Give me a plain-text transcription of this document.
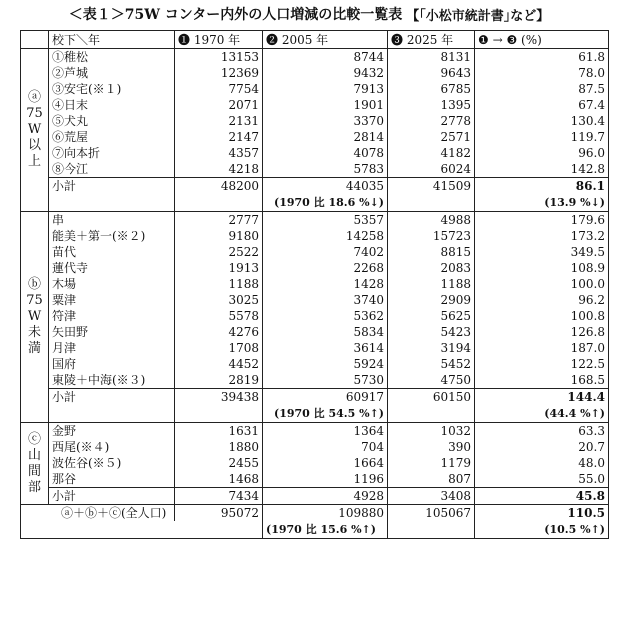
＜表１＞75W コンター内外の人口増減の比較一覧表 【｢小松市統計書｣など】
	校下＼年	❶ 1970 年	❷ 2005 年	❸ 2025 年	❶ → ❸ (%)

ⓐ
75
W
以
上	①稚松	13153	8744	8131	61.8
	②芦城	12369	9432	9643	78.0
	③安宅(※１)	7754	7913	6785	87.5
	④日末	2071	1901	1395	67.4
	⑤犬丸	2131	3370	2778	130.4
	⑥荒屋	2147	2814	2571	119.7
	⑦向本折	4357	4078	4182	96.0
	⑧今江	4218	5783	6024	142.8
	小計	48200	44035	41509	86.1
			(1970 比 18.6 %↓)		(13.9 %↓)

ⓑ
75
W
未
満	串	2777	5357	4988	179.6
	能美＋第一(※２)	9180	14258	15723	173.2
	苗代	2522	7402	8815	349.5
	蓮代寺	1913	2268	2083	108.9
	木場	1188	1428	1188	100.0
	粟津	3025	3740	2909	96.2
	符津	5578	5362	5625	100.8
	矢田野	4276	5834	5423	126.8
	月津	1708	3614	3194	187.0
	国府	4452	5924	5452	122.5
	東陵＋中海(※３)	2819	5730	4750	168.5
	小計	39438	60917	60150	144.4
			(1970 比 54.5 %↑)		(44.4 %↑)

ⓒ
山
間
部	金野	1631	1364	1032	63.3
	西尾(※４)	1880	704	390	20.7
	波佐谷(※５)	2455	1664	1179	48.0
	那谷	1468	1196	807	55.0
	小計	7434	4928	3408	45.8
ⓐ＋ⓑ＋ⓒ(全人口)		95072	109880	105067	110.5
			(1970 比 15.6 %↑)		(10.5 %↑)
